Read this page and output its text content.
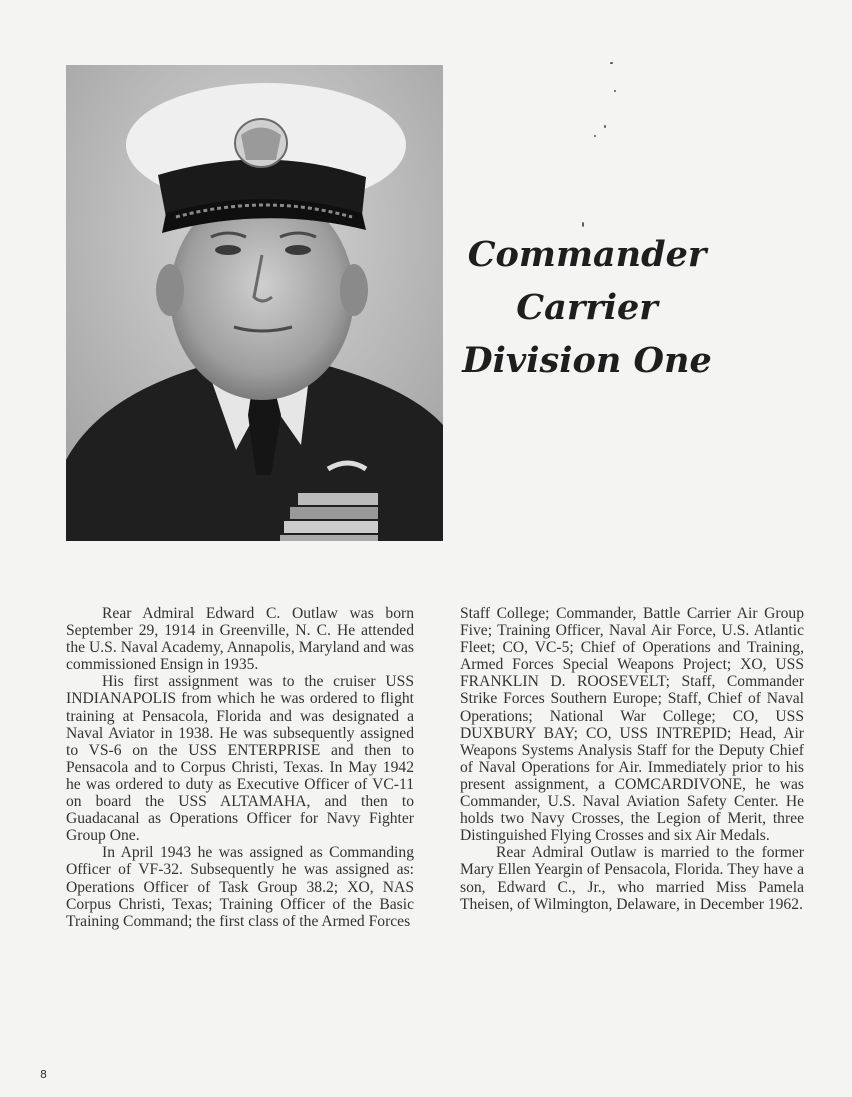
Commander
Carrier
Division One

Rear Admiral Edward C. Outlaw was born September 29, 1914 in Greenville, N. C. He attended the U.S. Naval Academy, Annapolis, Maryland and was commissioned Ensign in 1935.

His first assignment was to the cruiser USS INDIANAPOLIS from which he was ordered to flight training at Pensacola, Florida and was designated a Naval Aviator in 1938. He was subsequently assigned to VS-6 on the USS ENTERPRISE and then to Pensacola and to Corpus Christi, Texas. In May 1942 he was ordered to duty as Executive Officer of VC-11 on board the USS ALTAMAHA, and then to Guadacanal as Operations Officer for Navy Fighter Group One.

In April 1943 he was assigned as Commanding Officer of VF-32. Subsequently he was assigned as: Operations Officer of Task Group 38.2; XO, NAS Corpus Christi, Texas; Training Officer of the Basic Training Command; the first class of the Armed Forces

Staff College; Commander, Battle Carrier Air Group Five; Training Officer, Naval Air Force, U.S. Atlantic Fleet; CO, VC-5; Chief of Operations and Training, Armed Forces Special Weapons Project; XO, USS FRANKLIN D. ROOSEVELT; Staff, Commander Strike Forces Southern Europe; Staff, Chief of Naval Operations; National War College; CO, USS DUXBURY BAY; CO, USS INTREPID; Head, Air Weapons Systems Analysis Staff for the Deputy Chief of Naval Operations for Air. Immediately prior to his present assignment, a COMCARDIVONE, he was Commander, U.S. Naval Aviation Safety Center. He holds two Navy Crosses, the Legion of Merit, three Distinguished Flying Crosses and six Air Medals.

Rear Admiral Outlaw is married to the former Mary Ellen Yeargin of Pensacola, Florida. They have a son, Edward C., Jr., who married Miss Pamela Theisen, of Wilmington, Delaware, in December 1962.

8
